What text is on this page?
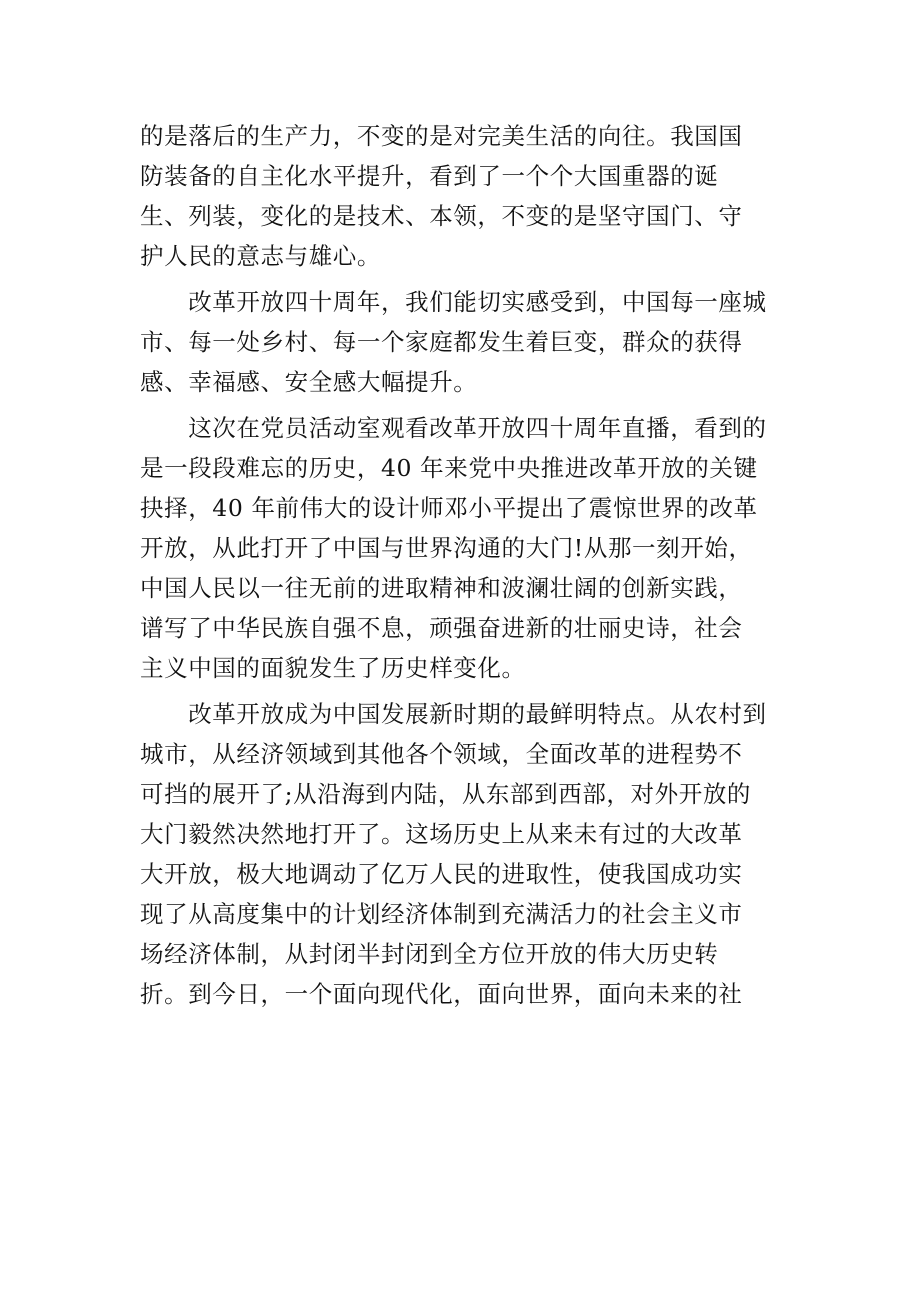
的是落后的生产力，不变的是对完美生活的向往。我国国
防装备的自主化水平提升，看到了一个个大国重器的诞
生、列装，变化的是技术、本领，不变的是坚守国门、守
护人民的意志与雄心。
　　改革开放四十周年，我们能切实感受到，中国每一座城
市、每一处乡村、每一个家庭都发生着巨变，群众的获得
感、幸福感、安全感大幅提升。
　　这次在党员活动室观看改革开放四十周年直播，看到的
是一段段难忘的历史，40 年来党中央推进改革开放的关键
抉择，40 年前伟大的设计师邓小平提出了震惊世界的改革
开放，从此打开了中国与世界沟通的大门!从那一刻开始，
中国人民以一往无前的进取精神和波澜壮阔的创新实践，
谱写了中华民族自强不息，顽强奋进新的壮丽史诗，社会
主义中国的面貌发生了历史样变化。
　　改革开放成为中国发展新时期的最鲜明特点。从农村到
城市，从经济领域到其他各个领域，全面改革的进程势不
可挡的展开了;从沿海到内陆，从东部到西部，对外开放的
大门毅然决然地打开了。这场历史上从来未有过的大改革
大开放，极大地调动了亿万人民的进取性，使我国成功实
现了从高度集中的计划经济体制到充满活力的社会主义市
场经济体制，从封闭半封闭到全方位开放的伟大历史转
折。到今日，一个面向现代化，面向世界，面向未来的社
